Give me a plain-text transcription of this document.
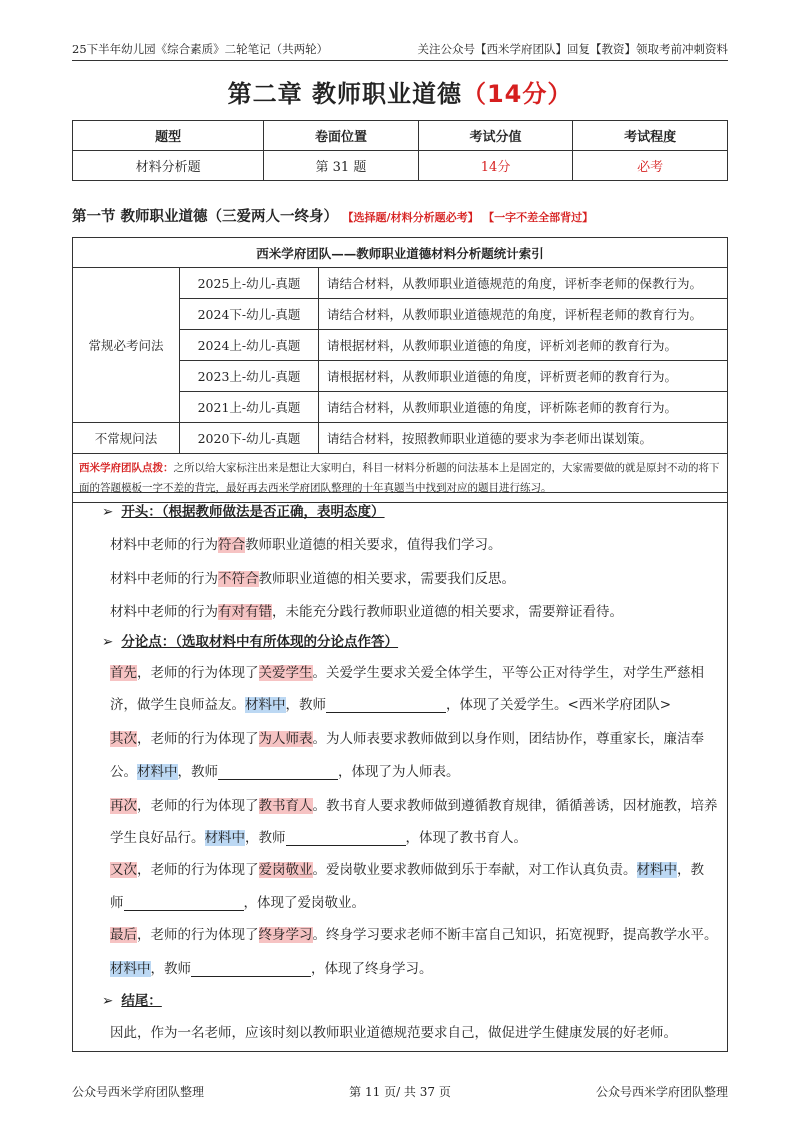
25下半年幼儿园《综合素质》二轮笔记（共两轮）	关注公众号【西米学府团队】回复【教资】领取考前冲刺资料
第二章 教师职业道德（14分）
题型	卷面位置	考试分值	考试程度
材料分析题	第 31 题	14分	必考
第一节 教师职业道德（三爱两人一终身） 【选择题/材料分析题必考】 【一字不差全部背过】
西米学府团队——教师职业道德材料分析题统计索引		
常规必考问法	2025上-幼儿-真题	请结合材料，从教师职业道德规范的角度，评析李老师的保教行为。
	2024下-幼儿-真题	请结合材料，从教师职业道德规范的角度，评析程老师的教育行为。
	2024上-幼儿-真题	请根据材料，从教师职业道德的角度，评析刘老师的教育行为。
	2023上-幼儿-真题	请根据材料，从教师职业道德的角度，评析贾老师的教育行为。
	2021上-幼儿-真题	请结合材料，从教师职业道德的角度，评析陈老师的教育行为。
不常规问法	2020下-幼儿-真题	请结合材料，按照教师职业道德的要求为李老师出谋划策。
西米学府团队点拨：之所以给大家标注出来是想让大家明白，科目一材料分析题的问法基本上是固定的，大家需要做的就是原封不动的将下面的答题模板一字不差的背完，最好再去西米学府团队整理的十年真题当中找到对应的题目进行练习。		
➢ 开头：（根据教师做法是否正确，表明态度）
材料中老师的行为符合教师职业道德的相关要求，值得我们学习。
材料中老师的行为不符合教师职业道德的相关要求，需要我们反思。
材料中老师的行为有对有错，未能充分践行教师职业道德的相关要求，需要辩证看待。
➢ 分论点：（选取材料中有所体现的分论点作答）
首先，老师的行为体现了关爱学生。关爱学生要求关爱全体学生，平等公正对待学生，对学生严慈相
济，做学生良师益友。材料中，教师	，体现了关爱学生。<西米学府团队>
其次，老师的行为体现了为人师表。为人师表要求教师做到以身作则，团结协作，尊重家长，廉洁奉
公。材料中，教师	，体现了为人师表。
再次，老师的行为体现了教书育人。教书育人要求教师做到遵循教育规律，循循善诱，因材施教，培养
学生良好品行。材料中，教师	，体现了教书育人。
又次，老师的行为体现了爱岗敬业。爱岗敬业要求教师做到乐于奉献，对工作认真负责。材料中，教
师	，体现了爱岗敬业。
最后，老师的行为体现了终身学习。终身学习要求老师不断丰富自己知识，拓宽视野，提高教学水平。
材料中，教师	，体现了终身学习。
➢ 结尾：
因此，作为一名老师，应该时刻以教师职业道德规范要求自己，做促进学生健康发展的好老师。
公众号西米学府团队整理	第 11 页/ 共 37 页	公众号西米学府团队整理
